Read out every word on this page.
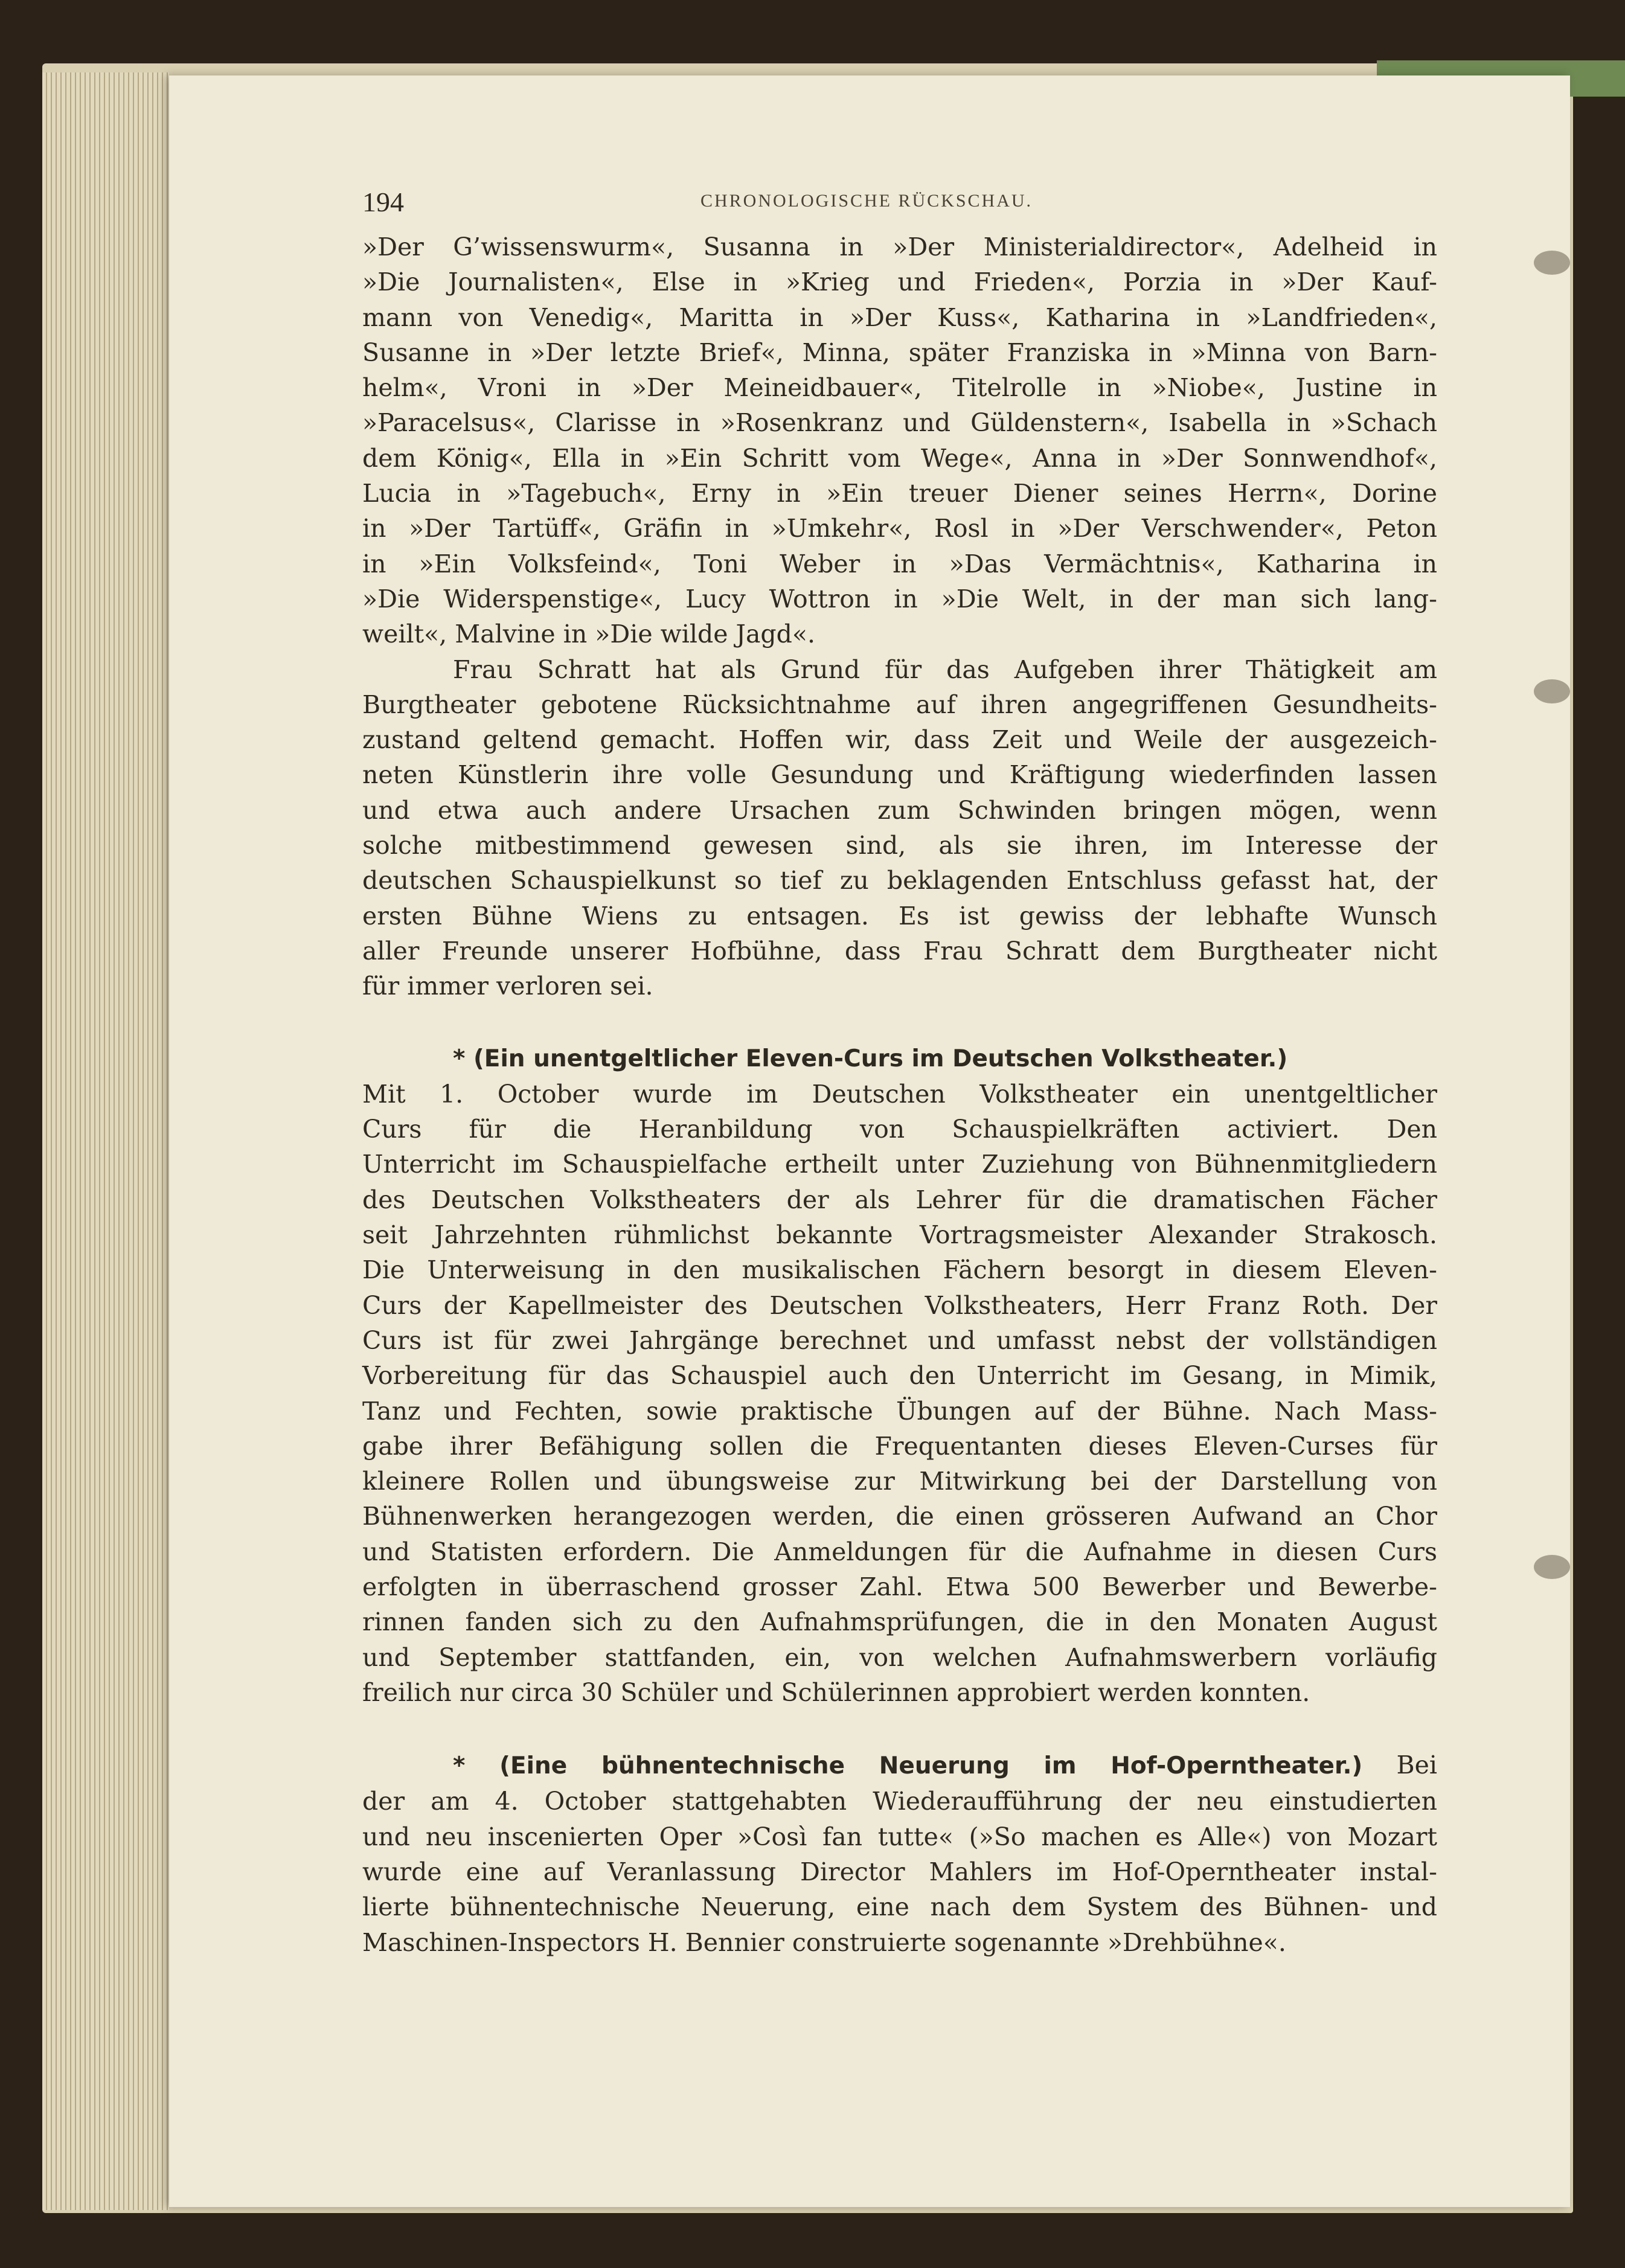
194	CHRONOLOGISCHE RÜCKSCHAU.

»Der G’wissenswurm«, Susanna in »Der Ministerialdirector«, Adelheid in

»Die Journalisten«, Else in »Krieg und Frieden«, Porzia in »Der Kauf-

mann von Venedig«, Maritta in »Der Kuss«, Katharina in »Landfrieden«,

Susanne in »Der letzte Brief«, Minna, später Franziska in »Minna von Barn-

helm«, Vroni in »Der Meineidbauer«, Titelrolle in »Niobe«, Justine in

»Paracelsus«, Clarisse in »Rosenkranz und Güldenstern«, Isabella in »Schach

dem König«, Ella in »Ein Schritt vom Wege«, Anna in »Der Sonnwendhof«,

Lucia in »Tagebuch«, Erny in »Ein treuer Diener seines Herrn«, Dorine

in »Der Tartüff«, Gräfin in »Umkehr«, Rosl in »Der Verschwender«, Peton

in »Ein Volksfeind«, Toni Weber in »Das Vermächtnis«, Katharina in

»Die Widerspenstige«, Lucy Wottron in »Die Welt, in der man sich lang-

weilt«, Malvine in »Die wilde Jagd«.

Frau Schratt hat als Grund für das Aufgeben ihrer Thätigkeit am

Burgtheater gebotene Rücksichtnahme auf ihren angegriffenen Gesundheits-

zustand geltend gemacht. Hoffen wir, dass Zeit und Weile der ausgezeich-

neten Künstlerin ihre volle Gesundung und Kräftigung wiederfinden lassen

und etwa auch andere Ursachen zum Schwinden bringen mögen, wenn

solche mitbestimmend gewesen sind, als sie ihren, im Interesse der

deutschen Schauspielkunst so tief zu beklagenden Entschluss gefasst hat, der

ersten Bühne Wiens zu entsagen. Es ist gewiss der lebhafte Wunsch

aller Freunde unserer Hofbühne, dass Frau Schratt dem Burgtheater nicht

für immer verloren sei.

* (Ein unentgeltlicher Eleven-Curs im Deutschen Volkstheater.)

Mit 1. October wurde im Deutschen Volkstheater ein unentgeltlicher

Curs für die Heranbildung von Schauspielkräften activiert. Den

Unterricht im Schauspielfache ertheilt unter Zuziehung von Bühnenmitgliedern

des Deutschen Volkstheaters der als Lehrer für die dramatischen Fächer

seit Jahrzehnten rühmlichst bekannte Vortragsmeister Alexander Strakosch.

Die Unterweisung in den musikalischen Fächern besorgt in diesem Eleven-

Curs der Kapellmeister des Deutschen Volkstheaters, Herr Franz Roth. Der

Curs ist für zwei Jahrgänge berechnet und umfasst nebst der vollständigen

Vorbereitung für das Schauspiel auch den Unterricht im Gesang, in Mimik,

Tanz und Fechten, sowie praktische Übungen auf der Bühne. Nach Mass-

gabe ihrer Befähigung sollen die Frequentanten dieses Eleven-Curses für

kleinere Rollen und übungsweise zur Mitwirkung bei der Darstellung von

Bühnenwerken herangezogen werden, die einen grösseren Aufwand an Chor

und Statisten erfordern. Die Anmeldungen für die Aufnahme in diesen Curs

erfolgten in überraschend grosser Zahl. Etwa 500 Bewerber und Bewerbe-

rinnen fanden sich zu den Aufnahmsprüfungen, die in den Monaten August

und September stattfanden, ein, von welchen Aufnahmswerbern vorläufig

freilich nur circa 30 Schüler und Schülerinnen approbiert werden konnten.

* (Eine bühnentechnische Neuerung im Hof-Operntheater.) Bei

der am 4. October stattgehabten Wiederaufführung der neu einstudierten

und neu inscenierten Oper »Così fan tutte« (»So machen es Alle«) von Mozart

wurde eine auf Veranlassung Director Mahlers im Hof-Operntheater instal-

lierte bühnentechnische Neuerung, eine nach dem System des Bühnen- und

Maschinen-Inspectors H. Bennier construierte sogenannte »Drehbühne«.
